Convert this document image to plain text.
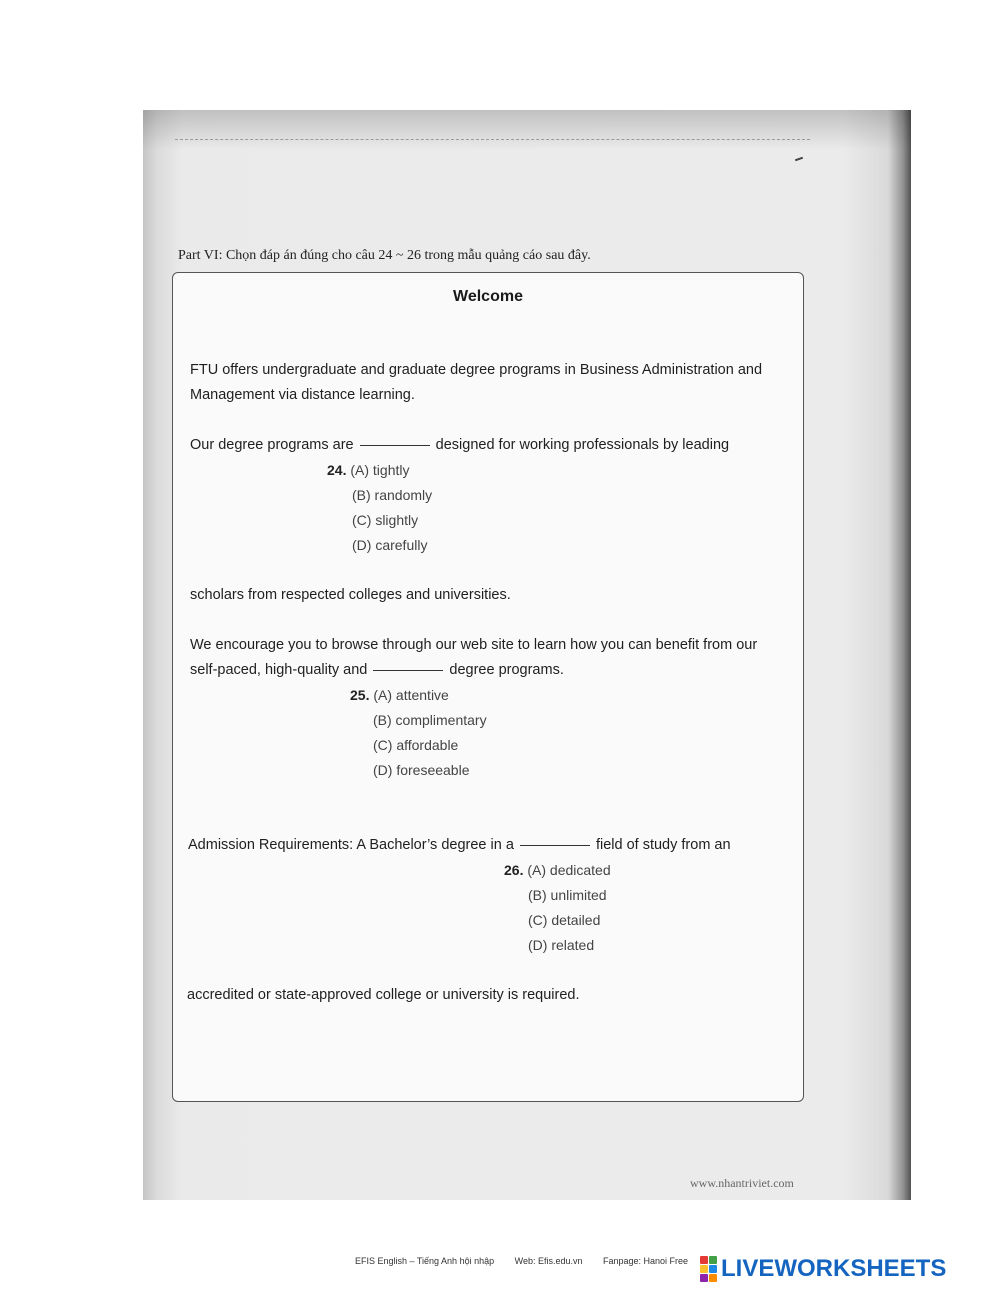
Part VI: Chọn đáp án đúng cho câu 24 ~ 26 trong mẫu quảng cáo sau đây.
Welcome
FTU offers undergraduate and graduate degree programs in Business Administration and
Management via distance learning.
Our degree programs are	designed for working professionals by leading
24. (A) tightly
(B) randomly
(C) slightly
(D) carefully
scholars from respected colleges and universities.
We encourage you to browse through our web site to learn how you can benefit from our
self-paced, high-quality and	degree programs.
25. (A) attentive
(B) complimentary
(C) affordable
(D) foreseeable
Admission Requirements: A Bachelor’s degree in a	field of study from an
26. (A) dedicated
(B) unlimited
(C) detailed
(D) related
accredited or state-approved college or university is required.
www.nhantriviet.com
EFIS English – Tiếng Anh hội nhập Web: Efis.edu.vn Fanpage: Hanoi Free	LIVEWORKSHEETS
